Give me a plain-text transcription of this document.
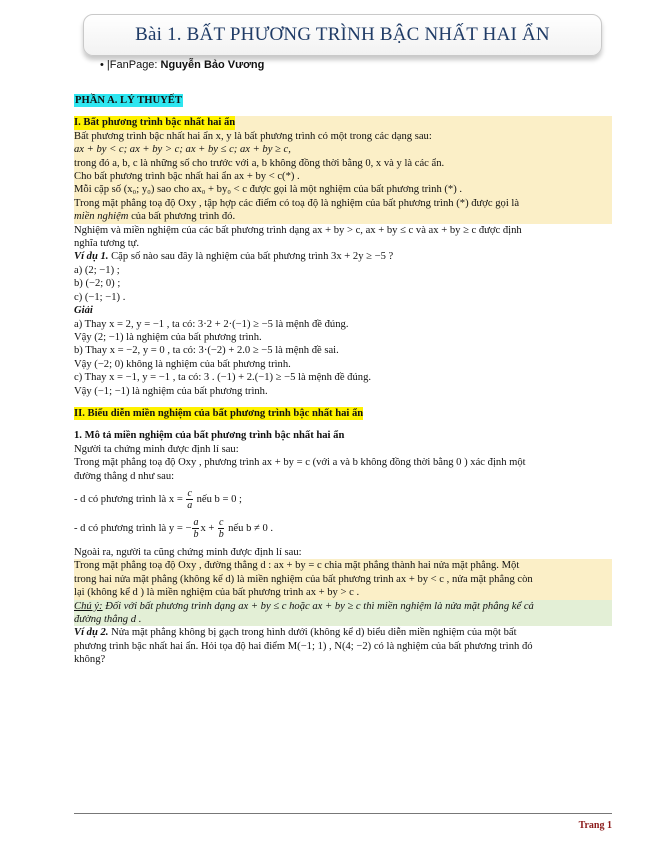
Bài 1. BẤT PHƯƠNG TRÌNH BẬC NHẤT HAI ẨN
• |FanPage: Nguyễn Bảo Vương
PHẦN A. LÝ THUYẾT
I. Bất phương trình bậc nhất hai ẩn
Bất phương trình bậc nhất hai ẩn x, y là bất phương trình có một trong các dạng sau:
ax + by < c; ax + by > c; ax + by ≤ c; ax + by ≥ c,
trong đó a, b, c là những số cho trước với a, b không đồng thời bằng 0, x và y là các ẩn.
Cho bất phương trình bậc nhất hai ẩn ax + by < c(*) .
Mỗi cặp số (x₀; y₀) sao cho ax₀ + by₀ < c được gọi là một nghiệm của bất phương trình (*) .
Trong mặt phẳng toạ độ Oxy , tập hợp các điểm có toạ độ là nghiệm của bất phương trình (*) được gọi là
miền nghiệm của bất phương trình đó.
Nghiệm và miền nghiệm của các bất phương trình dạng ax + by > c, ax + by ≤ c và ax + by ≥ c được định
nghĩa tương tự.
Ví dụ 1. Cặp số nào sau đây là nghiệm của bất phương trình 3x + 2y ≥ −5 ?
a) (2; −1) ;
b) (−2; 0) ;
c) (−1; −1) .
Giải
a) Thay x = 2, y = −1 , ta có: 3·2 + 2·(−1) ≥ −5 là mệnh đề đúng.
Vậy (2; −1) là nghiệm của bất phương trình.
b) Thay x = −2, y = 0 , ta có: 3·(−2) + 2.0 ≥ −5 là mệnh đề sai.
Vậy (−2; 0) không là nghiệm của bất phương trình.
c) Thay x = −1, y = −1 , ta có: 3 . (−1) + 2.(−1) ≥ −5 là mệnh đề đúng.
Vậy (−1; −1) là nghiệm của bất phương trình.
II. Biểu diễn miền nghiệm của bất phương trình bậc nhất hai ẩn
1. Mô tả miền nghiệm của bất phương trình bậc nhất hai ẩn
Người ta chứng minh được định lí sau:
Trong mặt phẳng toạ độ Oxy , phương trình ax + by = c (với a và b không đồng thời bằng 0 ) xác định một
đường thẳng d như sau:
- d có phương trình là $x = \frac{c}{a}$ nếu b = 0 ;
- d có phương trình là y = − $\frac{a}{b}$ $x + \frac{c}{b}$ nếu b ≠ 0 .
Ngoài ra, người ta cũng chứng minh được định lí sau:
Trong mặt phẳng toạ độ Oxy , đường thẳng d : ax + by = c chia mặt phẳng thành hai nửa mặt phẳng. Một
trong hai nửa mặt phẳng (không kể d) là miền nghiệm của bất phương trình ax + by < c , nửa mặt phẳng còn
lại (không kể d ) là miền nghiệm của bất phương trình ax + by > c .
Chú ý: Đối với bất phương trình dạng ax + by ≤ c hoặc ax + by ≥ c thì miền nghiệm là nửa mặt phẳng kể cả
đường thẳng d .
Ví dụ 2. Nửa mặt phẳng không bị gạch trong hình dưới (không kể d) biểu diễn miền nghiệm của một bất
phương trình bậc nhất hai ẩn. Hỏi tọa độ hai điểm M(−1; 1) , N(4; −2) có là nghiệm của bất phương trình đó
không?
Trang 1
